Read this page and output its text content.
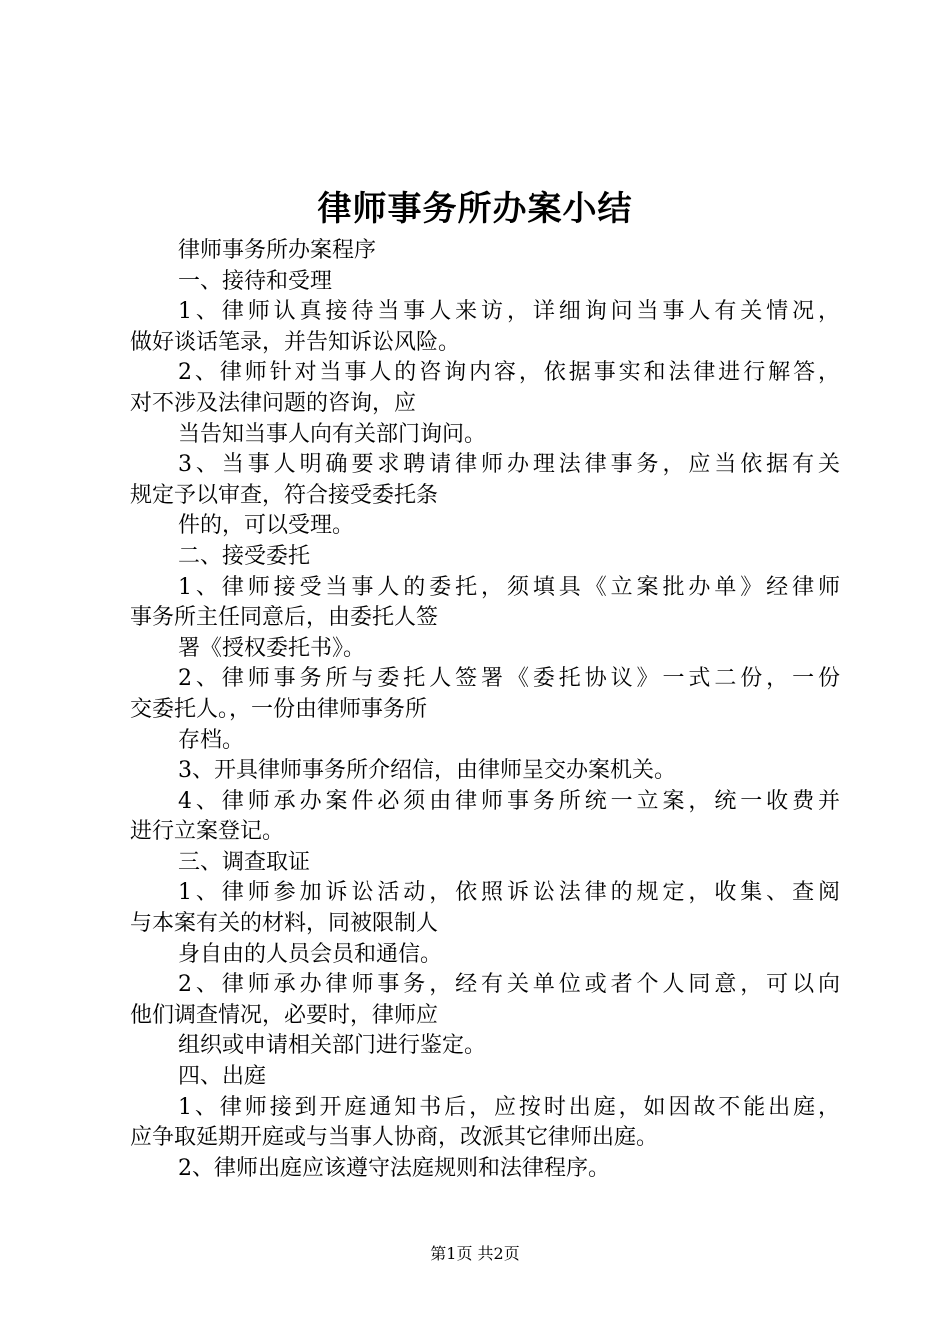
律师事务所办案小结
律师事务所办案程序
一、接待和受理
1、律师认真接待当事人来访，详细询问当事人有关情况，
做好谈话笔录，并告知诉讼风险。
2、律师针对当事人的咨询内容，依据事实和法律进行解答，
对不涉及法律问题的咨询，应
当告知当事人向有关部门询问。
3、当事人明确要求聘请律师办理法律事务，应当依据有关
规定予以审查，符合接受委托条
件的，可以受理。
二、接受委托
1、律师接受当事人的委托，须填具《立案批办单》经律师
事务所主任同意后，由委托人签
署《授权委托书》。
2、律师事务所与委托人签署《委托协议》一式二份，一份
交委托人。，一份由律师事务所
存档。
3、开具律师事务所介绍信，由律师呈交办案机关。
4、律师承办案件必须由律师事务所统一立案，统一收费并
进行立案登记。
三、调查取证
1、律师参加诉讼活动，依照诉讼法律的规定，收集、查阅
与本案有关的材料，同被限制人
身自由的人员会员和通信。
2、律师承办律师事务，经有关单位或者个人同意，可以向
他们调查情况，必要时，律师应
组织或申请相关部门进行鉴定。
四、出庭
1、律师接到开庭通知书后，应按时出庭，如因故不能出庭，
应争取延期开庭或与当事人协商，改派其它律师出庭。
2、律师出庭应该遵守法庭规则和法律程序。
第1页 共2页
